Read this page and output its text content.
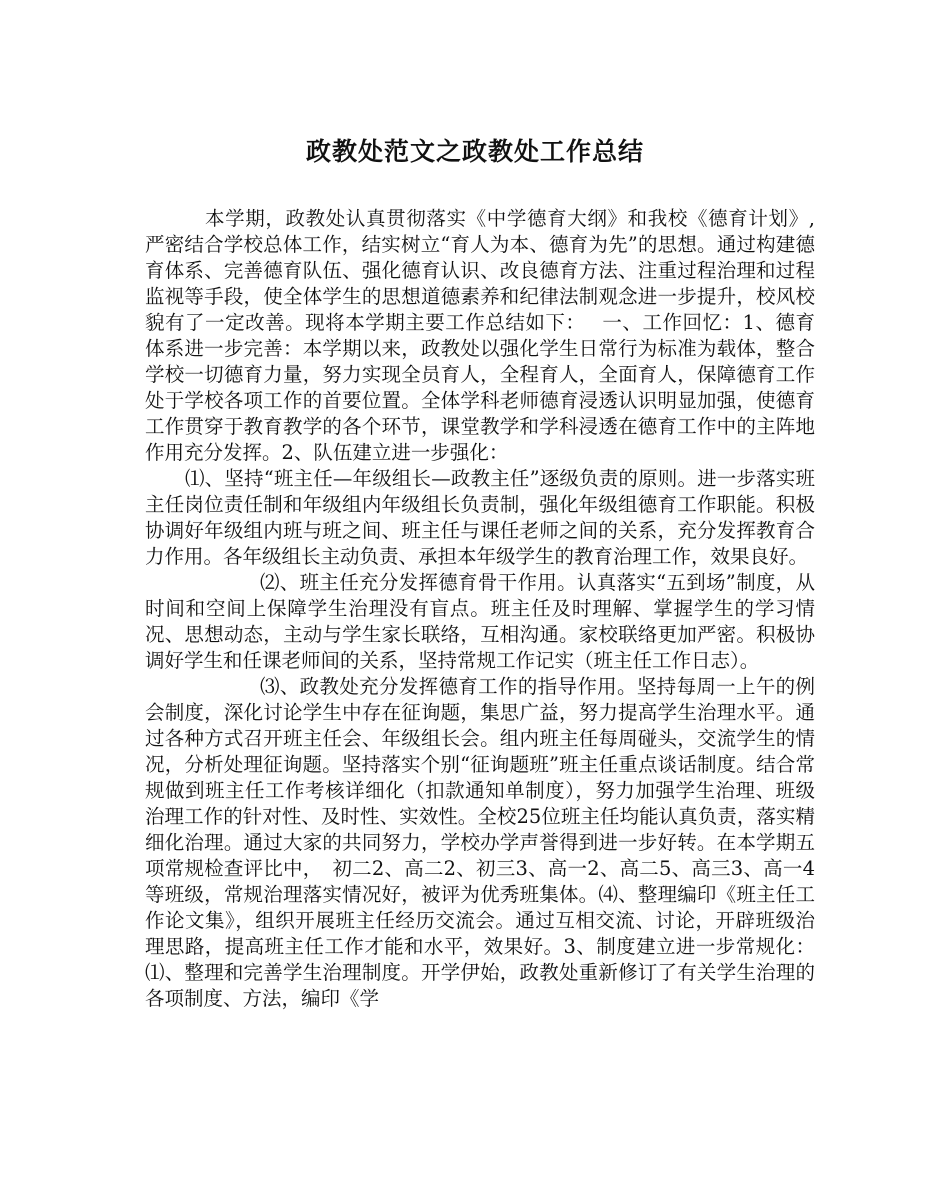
政教处范文之政教处工作总结

本学期，政教处认真贯彻落实《中学德育大纲》和我校《德育计划》,严密结合学校总体工作，结实树立“育人为本、德育为先”的思想。通过构建德育体系、完善德育队伍、强化德育认识、改良德育方法、注重过程治理和过程监视等手段，使全体学生的思想道德素养和纪律法制观念进一步提升，校风校貌有了一定改善。现将本学期主要工作总结如下：　 一、工作回忆：1、德育体系进一步完善：本学期以来，政教处以强化学生日常行为标准为载体，整合学校一切德育力量，努力实现全员育人，全程育人，全面育人，保障德育工作处于学校各项工作的首要位置。全体学科老师德育浸透认识明显加强，使德育工作贯穿于教育教学的各个环节，课堂教学和学科浸透在德育工作中的主阵地作用充分发挥。2、队伍建立进一步强化：

⑴、坚持“班主任—年级组长—政教主任”逐级负责的原则。进一步落实班主任岗位责任制和年级组内年级组长负责制，强化年级组德育工作职能。积极协调好年级组内班与班之间、班主任与课任老师之间的关系，充分发挥教育合力作用。各年级组长主动负责、承担本年级学生的教育治理工作，效果良好。

⑵、班主任充分发挥德育骨干作用。认真落实“五到场”制度，从时间和空间上保障学生治理没有盲点。班主任及时理解、掌握学生的学习情况、思想动态，主动与学生家长联络，互相沟通。家校联络更加严密。积极协调好学生和任课老师间的关系，坚持常规工作记实（班主任工作日志）。

⑶、政教处充分发挥德育工作的指导作用。坚持每周一上午的例会制度，深化讨论学生中存在征询题，集思广益，努力提高学生治理水平。通过各种方式召开班主任会、年级组长会。组内班主任每周碰头，交流学生的情况，分析处理征询题。坚持落实个别“征询题班”班主任重点谈话制度。结合常规做到班主任工作考核详细化（扣款通知单制度），努力加强学生治理、班级治理工作的针对性、及时性、实效性。全校25位班主任均能认真负责，落实精细化治理。通过大家的共同努力，学校办学声誉得到进一步好转。在本学期五项常规检查评比中，　初二2、高二2、初三3、高一2、高二5、高三3、高一4等班级，常规治理落实情况好，被评为优秀班集体。⑷、整理编印《班主任工作论文集》，组织开展班主任经历交流会。通过互相交流、讨论，开辟班级治理思路，提高班主任工作才能和水平，效果好。3、制度建立进一步常规化：⑴、整理和完善学生治理制度。开学伊始，政教处重新修订了有关学生治理的各项制度、方法，编印《学
